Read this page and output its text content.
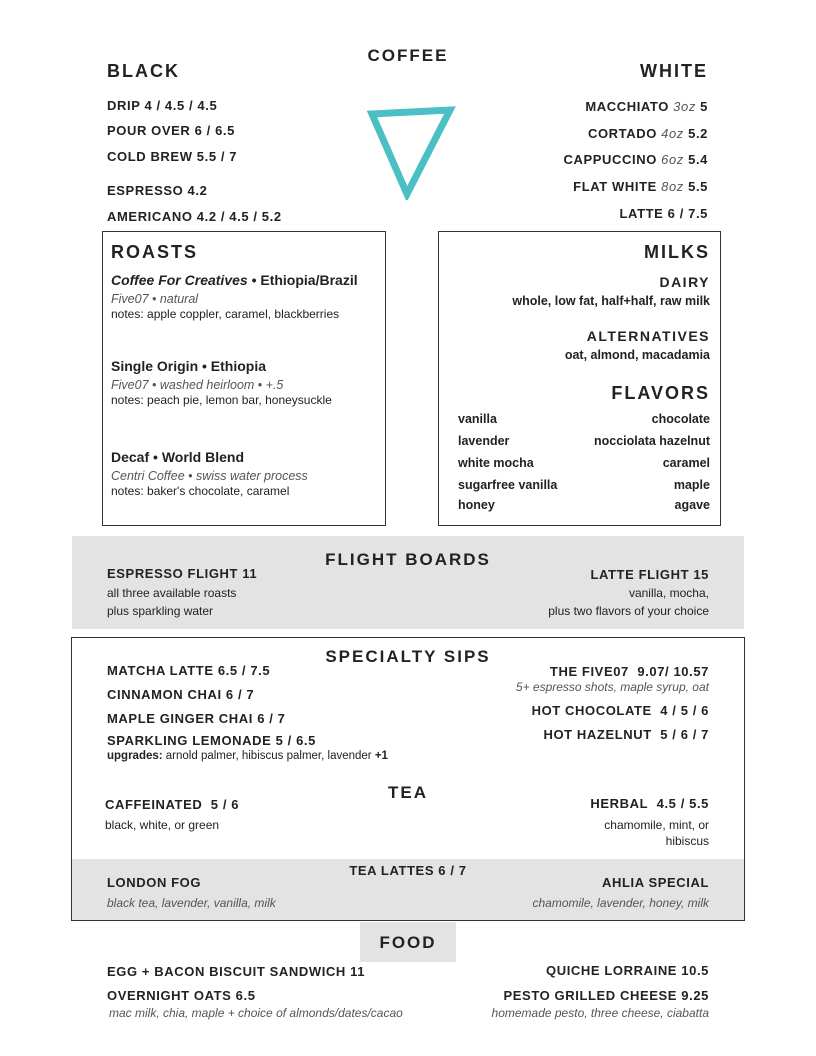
COFFEE
BLACK
DRIP 4 / 4.5 / 4.5
POUR OVER 6 / 6.5
COLD BREW 5.5 / 7
ESPRESSO 4.2
AMERICANO 4.2 / 4.5 / 5.2
WHITE
MACCHIATO 3oz 5
CORTADO 4oz 5.2
CAPPUCCINO 6oz 5.4
FLAT WHITE 8oz 5.5
LATTE 6 / 7.5
ROASTS
Coffee For Creatives • Ethiopia/Brazil
Five07 • natural
notes: apple coppler, caramel, blackberries
Single Origin • Ethiopia
Five07 • washed heirloom • +.5
notes: peach pie, lemon bar, honeysuckle
Decaf • World Blend
Centri Coffee • swiss water process
notes: baker's chocolate, caramel
MILKS
DAIRY
whole, low fat, half+half, raw milk
ALTERNATIVES
oat, almond, macadamia
FLAVORS
vanilla	chocolate
lavender	nocciolata hazelnut
white mocha	caramel
sugarfree vanilla	maple
honey	agave
FLIGHT BOARDS
ESPRESSO FLIGHT 11
all three available roasts
plus sparkling water
LATTE FLIGHT 15
vanilla, mocha,
plus two flavors of your choice
SPECIALTY SIPS
MATCHA LATTE 6.5 / 7.5
CINNAMON CHAI 6 / 7
MAPLE GINGER CHAI 6 / 7
SPARKLING LEMONADE 5 / 6.5
upgrades: arnold palmer, hibiscus palmer, lavender +1
THE FIVE07 9.07/ 10.57
5+ espresso shots, maple syrup, oat
HOT CHOCOLATE 4 / 5 / 6
HOT HAZELNUT 5 / 6 / 7
TEA
CAFFEINATED 5 / 6
black, white, or green
HERBAL 4.5 / 5.5
chamomile, mint, or
hibiscus
TEA LATTES 6 / 7
LONDON FOG
black tea, lavender, vanilla, milk
AHLIA SPECIAL
chamomile, lavender, honey, milk
FOOD
EGG + BACON BISCUIT SANDWICH 11
OVERNIGHT OATS 6.5
mac milk, chia, maple + choice of almonds/dates/cacao
QUICHE LORRAINE 10.5
PESTO GRILLED CHEESE 9.25
homemade pesto, three cheese, ciabatta
